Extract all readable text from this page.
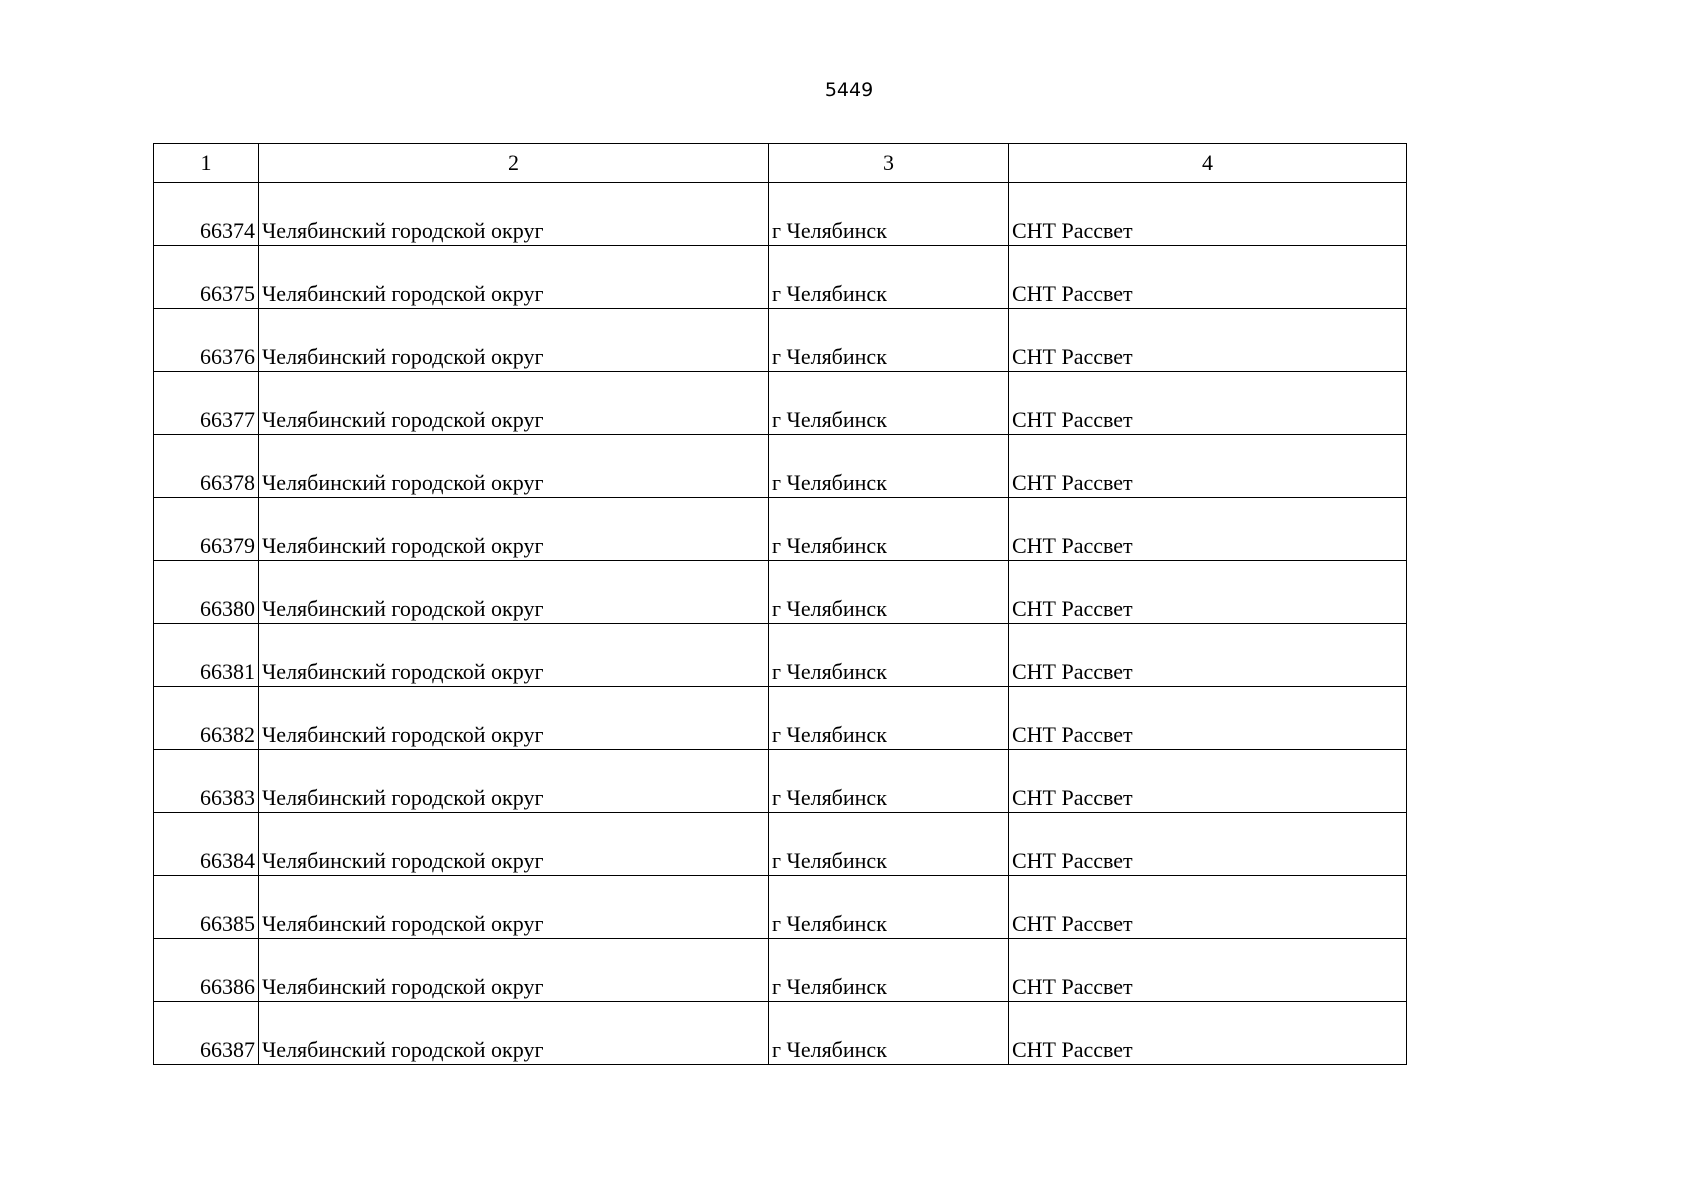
5449
1	2	3	4
66374	Челябинский городской округ	г Челябинск	СНТ Рассвет
66375	Челябинский городской округ	г Челябинск	СНТ Рассвет
66376	Челябинский городской округ	г Челябинск	СНТ Рассвет
66377	Челябинский городской округ	г Челябинск	СНТ Рассвет
66378	Челябинский городской округ	г Челябинск	СНТ Рассвет
66379	Челябинский городской округ	г Челябинск	СНТ Рассвет
66380	Челябинский городской округ	г Челябинск	СНТ Рассвет
66381	Челябинский городской округ	г Челябинск	СНТ Рассвет
66382	Челябинский городской округ	г Челябинск	СНТ Рассвет
66383	Челябинский городской округ	г Челябинск	СНТ Рассвет
66384	Челябинский городской округ	г Челябинск	СНТ Рассвет
66385	Челябинский городской округ	г Челябинск	СНТ Рассвет
66386	Челябинский городской округ	г Челябинск	СНТ Рассвет
66387	Челябинский городской округ	г Челябинск	СНТ Рассвет
